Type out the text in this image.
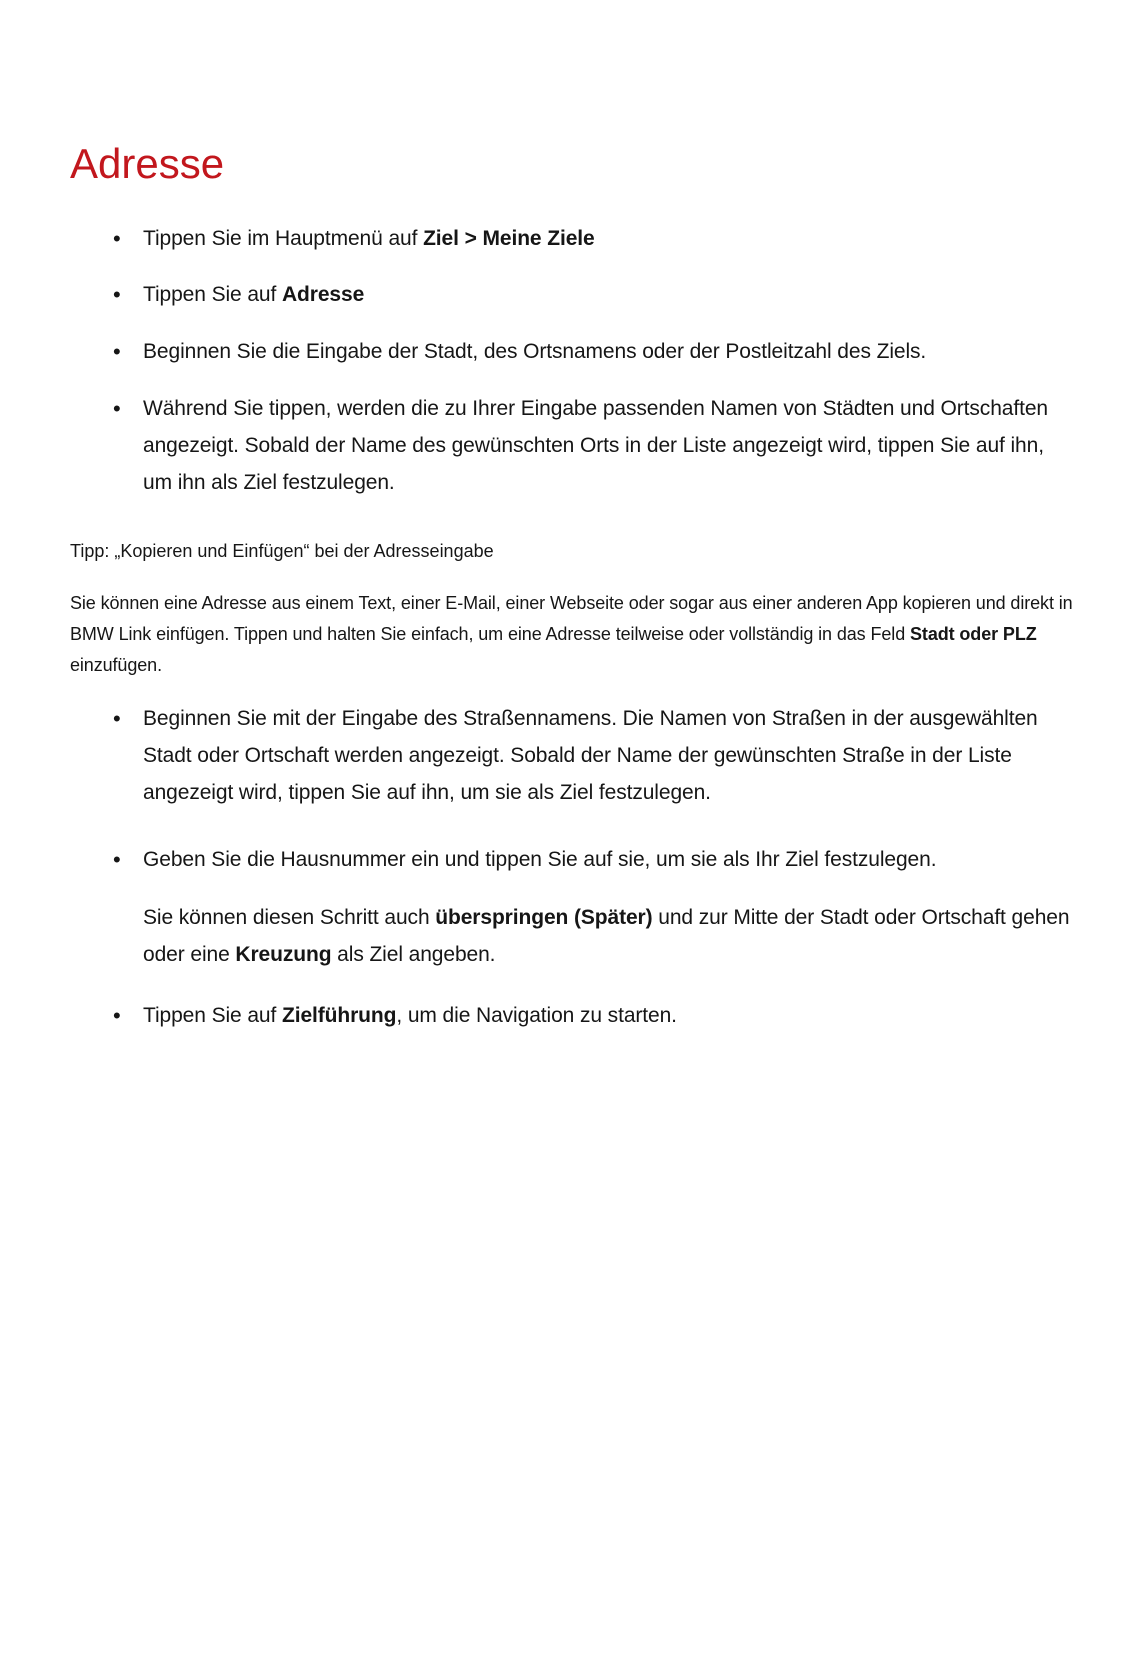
Adresse
•	Tippen Sie im Hauptmenü auf Ziel > Meine Ziele

•	Tippen Sie auf Adresse

•	Beginnen Sie die Eingabe der Stadt, des Ortsnamens oder der Postleitzahl des Ziels.

•	Während Sie tippen, werden die zu Ihrer Eingabe passenden Namen von Städten und Ortschaften angezeigt. Sobald der Name des gewünschten Orts in der Liste angezeigt wird, tippen Sie auf ihn, um ihn als Ziel festzulegen.

Tipp: „Kopieren und Einfügen“ bei der Adresseingabe

Sie können eine Adresse aus einem Text, einer E-Mail, einer Webseite oder sogar aus einer anderen App kopieren und direkt in BMW Link einfügen. Tippen und halten Sie einfach, um eine Adresse teilweise oder vollständig in das Feld Stadt oder PLZ einzufügen.

•	Beginnen Sie mit der Eingabe des Straßennamens. Die Namen von Straßen in der ausgewählten Stadt oder Ortschaft werden angezeigt. Sobald der Name der gewünschten Straße in der Liste angezeigt wird, tippen Sie auf ihn, um sie als Ziel festzulegen.

•	Geben Sie die Hausnummer ein und tippen Sie auf sie, um sie als Ihr Ziel festzulegen.

Sie können diesen Schritt auch überspringen (Später) und zur Mitte der Stadt oder Ortschaft gehen oder eine Kreuzung als Ziel angeben.

•	Tippen Sie auf Zielführung, um die Navigation zu starten.
